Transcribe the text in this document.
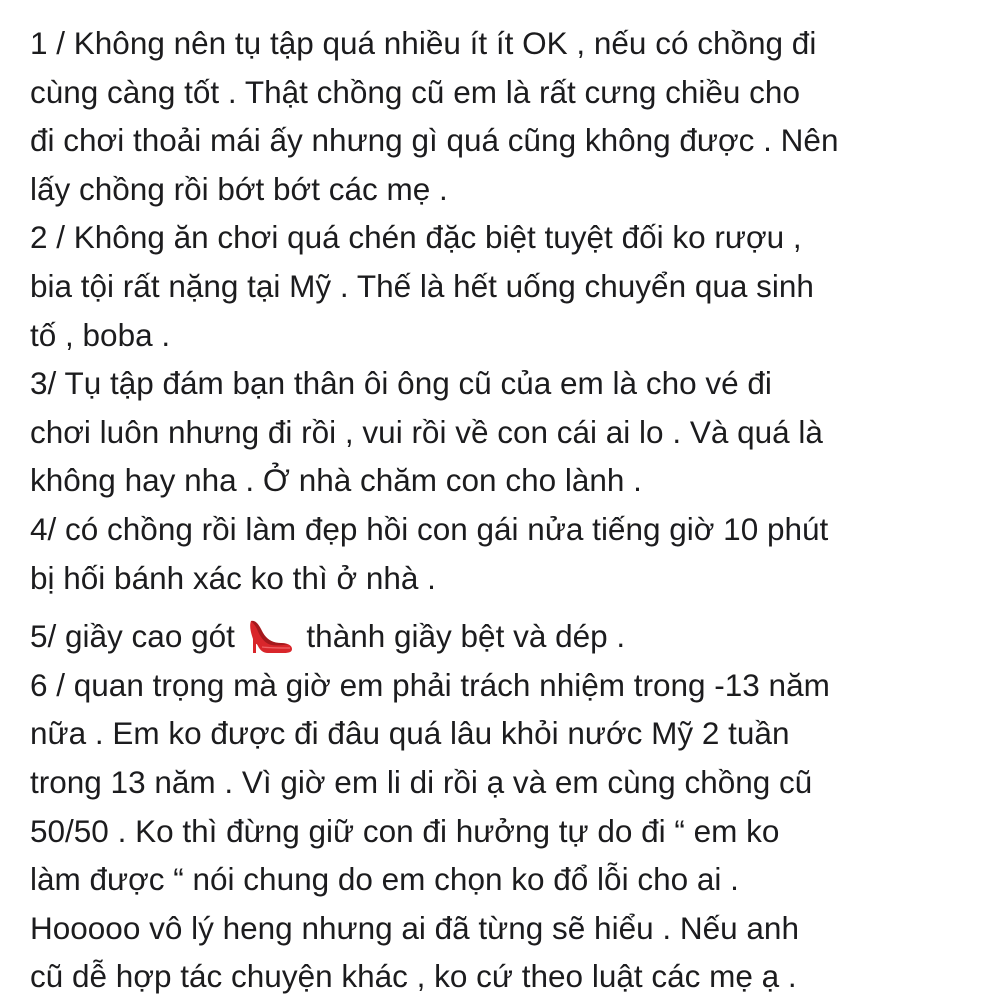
1 / Không nên tụ tập quá nhiều ít ít OK , nếu có chồng đi
cùng càng tốt . Thật chồng cũ em là rất cưng chiều cho
đi chơi thoải mái ấy nhưng gì quá cũng không được . Nên
lấy chồng rồi bớt bớt các mẹ .
2 / Không ăn chơi quá chén đặc biệt tuyệt đối ko rượu ,
bia tội rất nặng tại Mỹ . Thế là hết uống chuyển qua sinh
tố , boba .
3/ Tụ tập đám bạn thân ôi ông cũ của em là cho vé đi
chơi luôn nhưng đi rồi , vui rồi về con cái ai lo . Và quá là
không hay nha . Ở nhà chăm con cho lành .
4/ có chồng rồi làm đẹp hồi con gái nửa tiếng giờ 10 phút
bị hối bánh xác ko thì ở nhà .
5/ giầy cao gót thành giầy bệt và dép .
6 / quan trọng mà giờ em phải trách nhiệm trong -13 năm
nữa . Em ko được đi đâu quá lâu khỏi nước Mỹ 2 tuần
trong 13 năm . Vì giờ em li di rồi ạ và em cùng chồng cũ
50/50 . Ko thì đừng giữ con đi hưởng tự do đi “ em ko
làm được “ nói chung do em chọn ko đổ lỗi cho ai .
Hooooo vô lý heng nhưng ai đã từng sẽ hiểu . Nếu anh
cũ dễ hợp tác chuyện khác , ko cứ theo luật các mẹ ạ .
